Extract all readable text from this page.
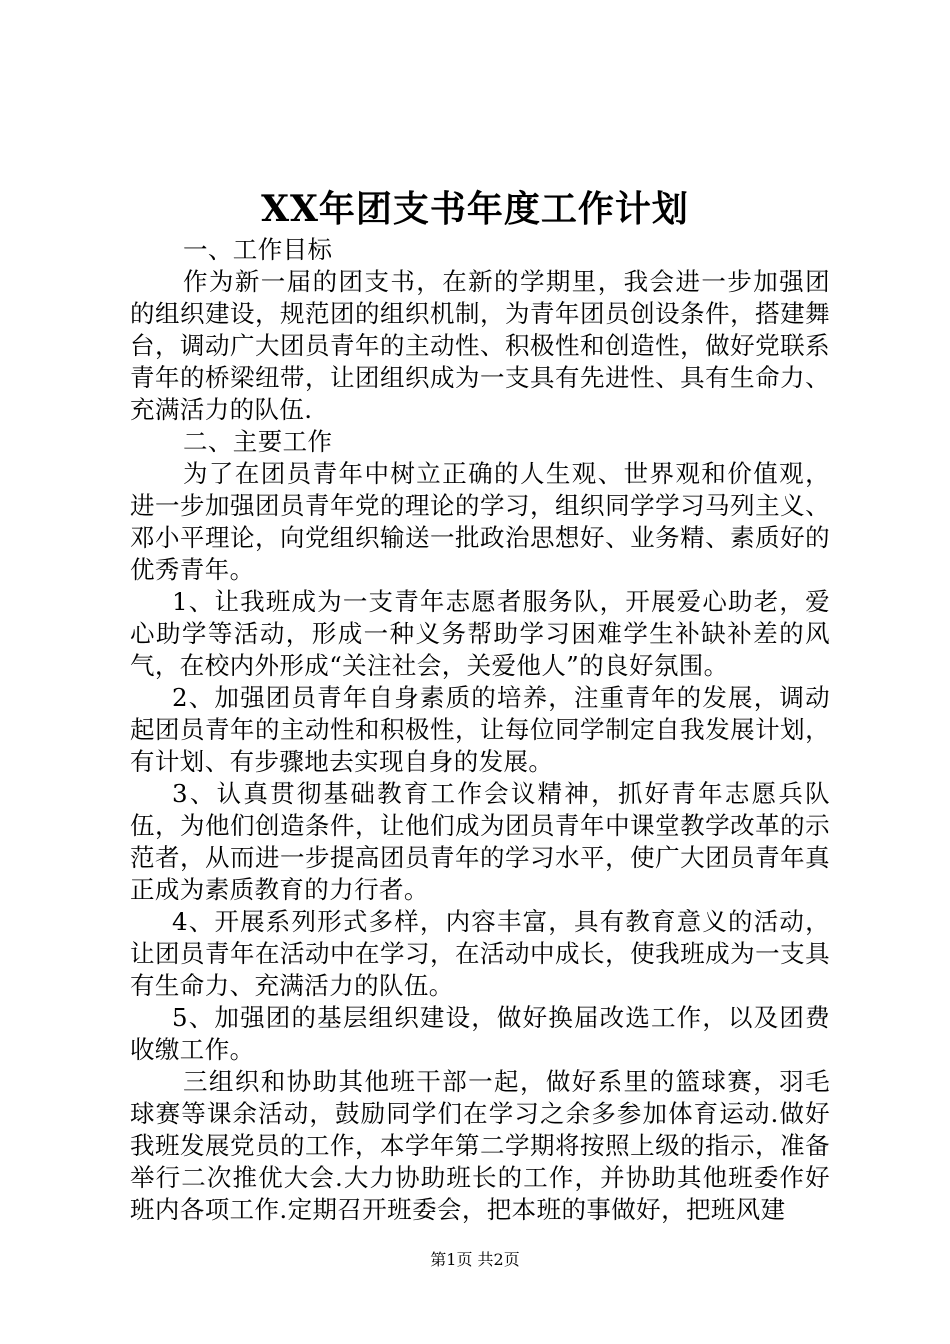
XX年团支书年度工作计划

一、工作目标

作为新一届的团支书，在新的学期里，我会进一步加强团的组织建设，规范团的组织机制，为青年团员创设条件，搭建舞台，调动广大团员青年的主动性、积极性和创造性，做好党联系青年的桥梁纽带，让团组织成为一支具有先进性、具有生命力、充满活力的队伍.

二、主要工作

为了在团员青年中树立正确的人生观、世界观和价值观，进一步加强团员青年党的理论的学习，组织同学学习马列主义、邓小平理论，向党组织输送一批政治思想好、业务精、素质好的优秀青年。

1、让我班成为一支青年志愿者服务队，开展爱心助老，爱心助学等活动，形成一种义务帮助学习困难学生补缺补差的风气，在校内外形成“关注社会，关爱他人”的良好氛围。

2、加强团员青年自身素质的培养，注重青年的发展，调动起团员青年的主动性和积极性，让每位同学制定自我发展计划，有计划、有步骤地去实现自身的发展。

3、认真贯彻基础教育工作会议精神，抓好青年志愿兵队伍，为他们创造条件，让他们成为团员青年中课堂教学改革的示范者，从而进一步提高团员青年的学习水平，使广大团员青年真正成为素质教育的力行者。

4、开展系列形式多样，内容丰富，具有教育意义的活动，让团员青年在活动中在学习，在活动中成长，使我班成为一支具有生命力、充满活力的队伍。

5、加强团的基层组织建设，做好换届改选工作，以及团费收缴工作。

三组织和协助其他班干部一起，做好系里的篮球赛，羽毛球赛等课余活动，鼓励同学们在学习之余多参加体育运动.做好我班发展党员的工作，本学年第二学期将按照上级的指示，准备举行二次推优大会.大力协助班长的工作，并协助其他班委作好班内各项工作.定期召开班委会，把本班的事做好，把班风建

第1页 共2页
